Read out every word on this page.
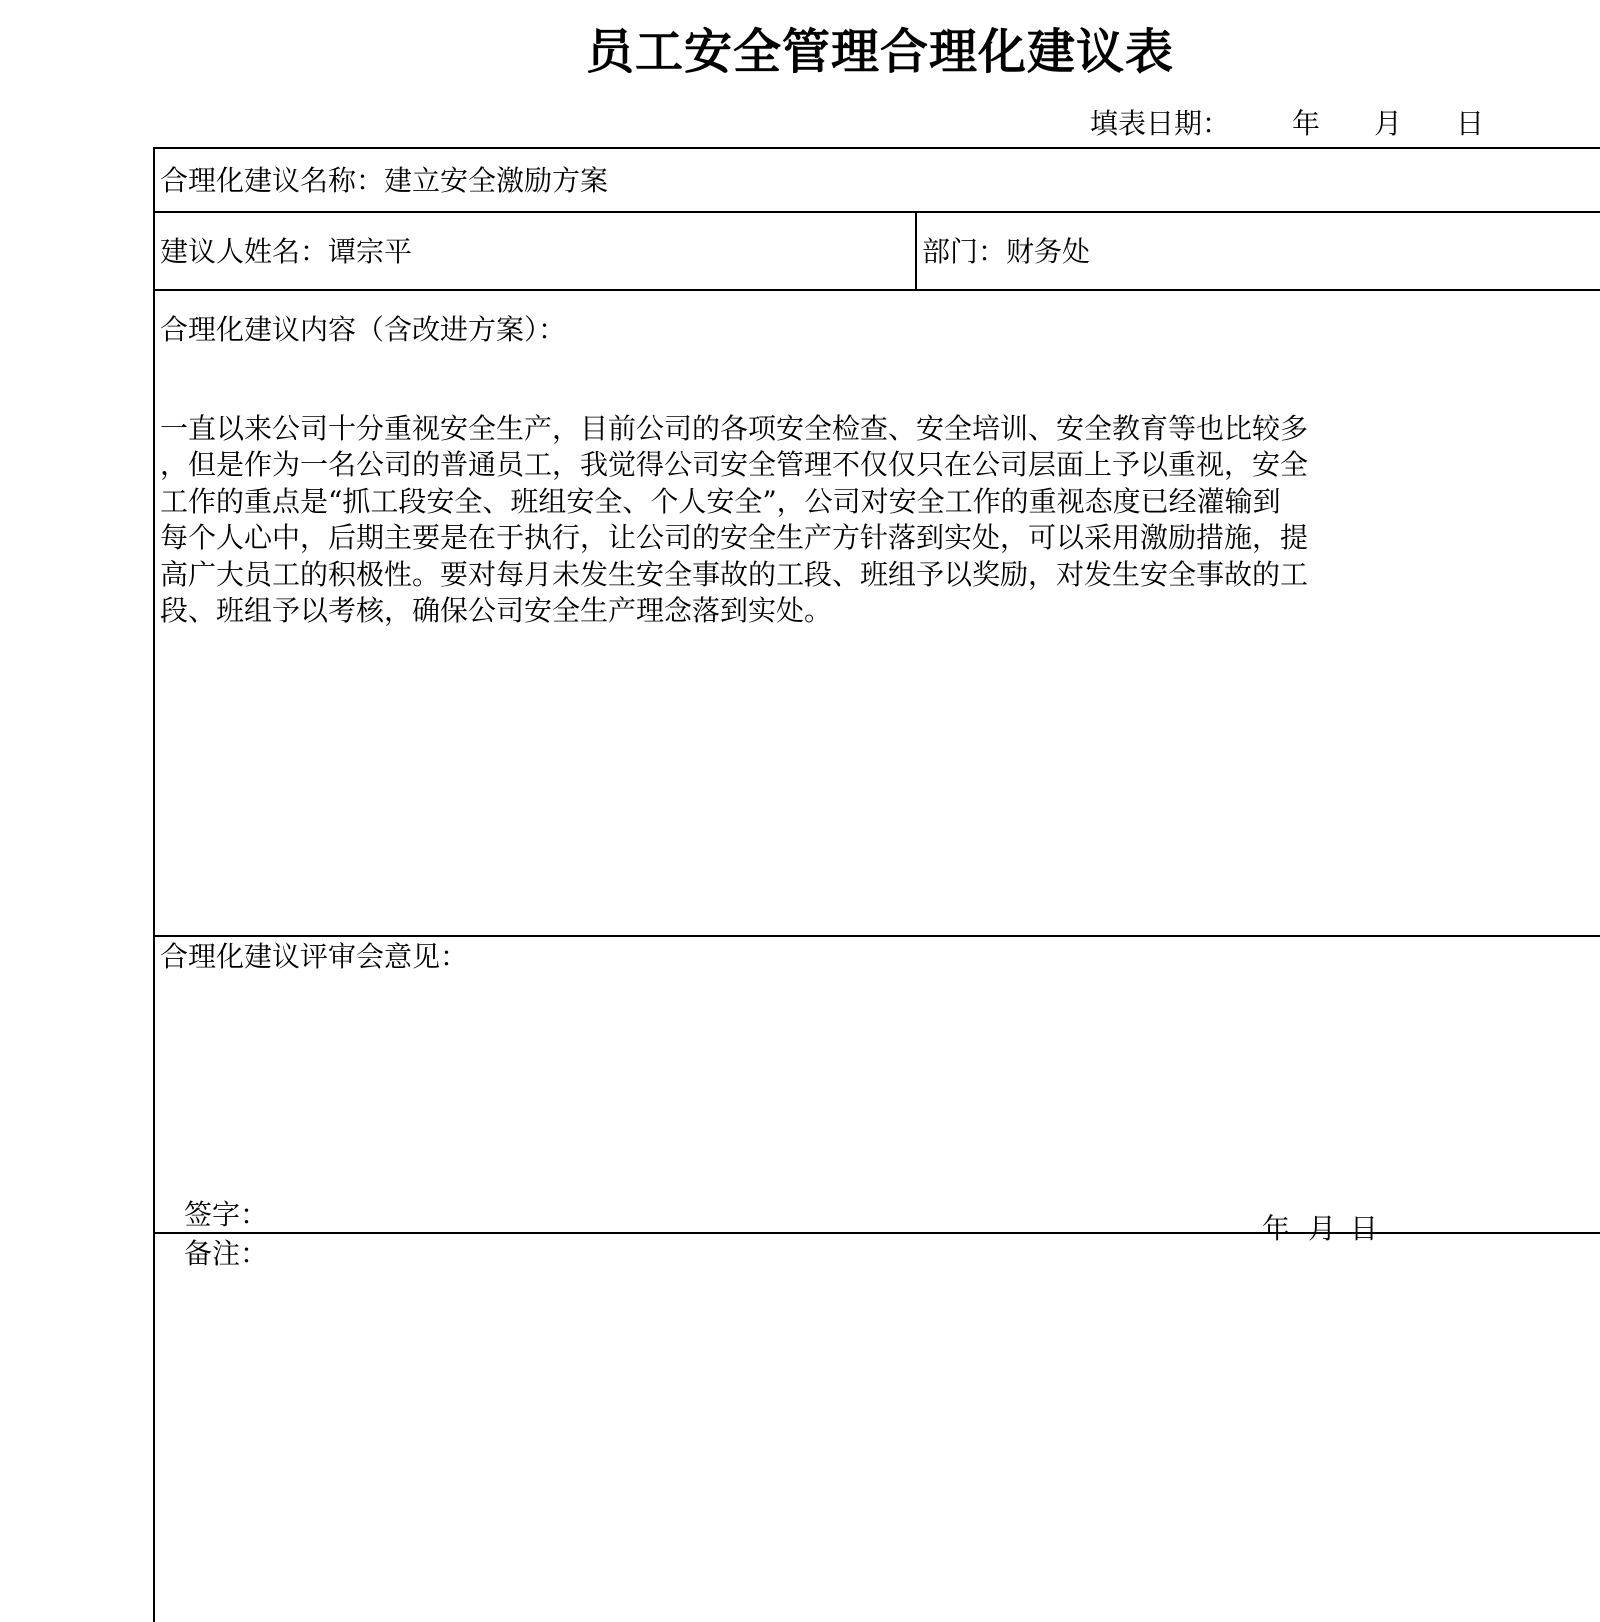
员工安全管理合理化建议表
填表日期： 年 月 日
合理化建议名称：建立安全激励方案
建议人姓名：谭宗平	部门：财务处
合理化建议内容（含改进方案）：
一直以来公司十分重视安全生产，目前公司的各项安全检查、安全培训、安全教育等也比较多
，但是作为一名公司的普通员工，我觉得公司安全管理不仅仅只在公司层面上予以重视，安全
工作的重点是“抓工段安全、班组安全、个人安全”，公司对安全工作的重视态度已经灌输到
每个人心中，后期主要是在于执行，让公司的安全生产方针落到实处，可以采用激励措施，提
高广大员工的积极性。要对每月未发生安全事故的工段、班组予以奖励，对发生安全事故的工
段、班组予以考核，确保公司安全生产理念落到实处。
合理化建议评审会意见：
签字：	年 月 日
备注：
